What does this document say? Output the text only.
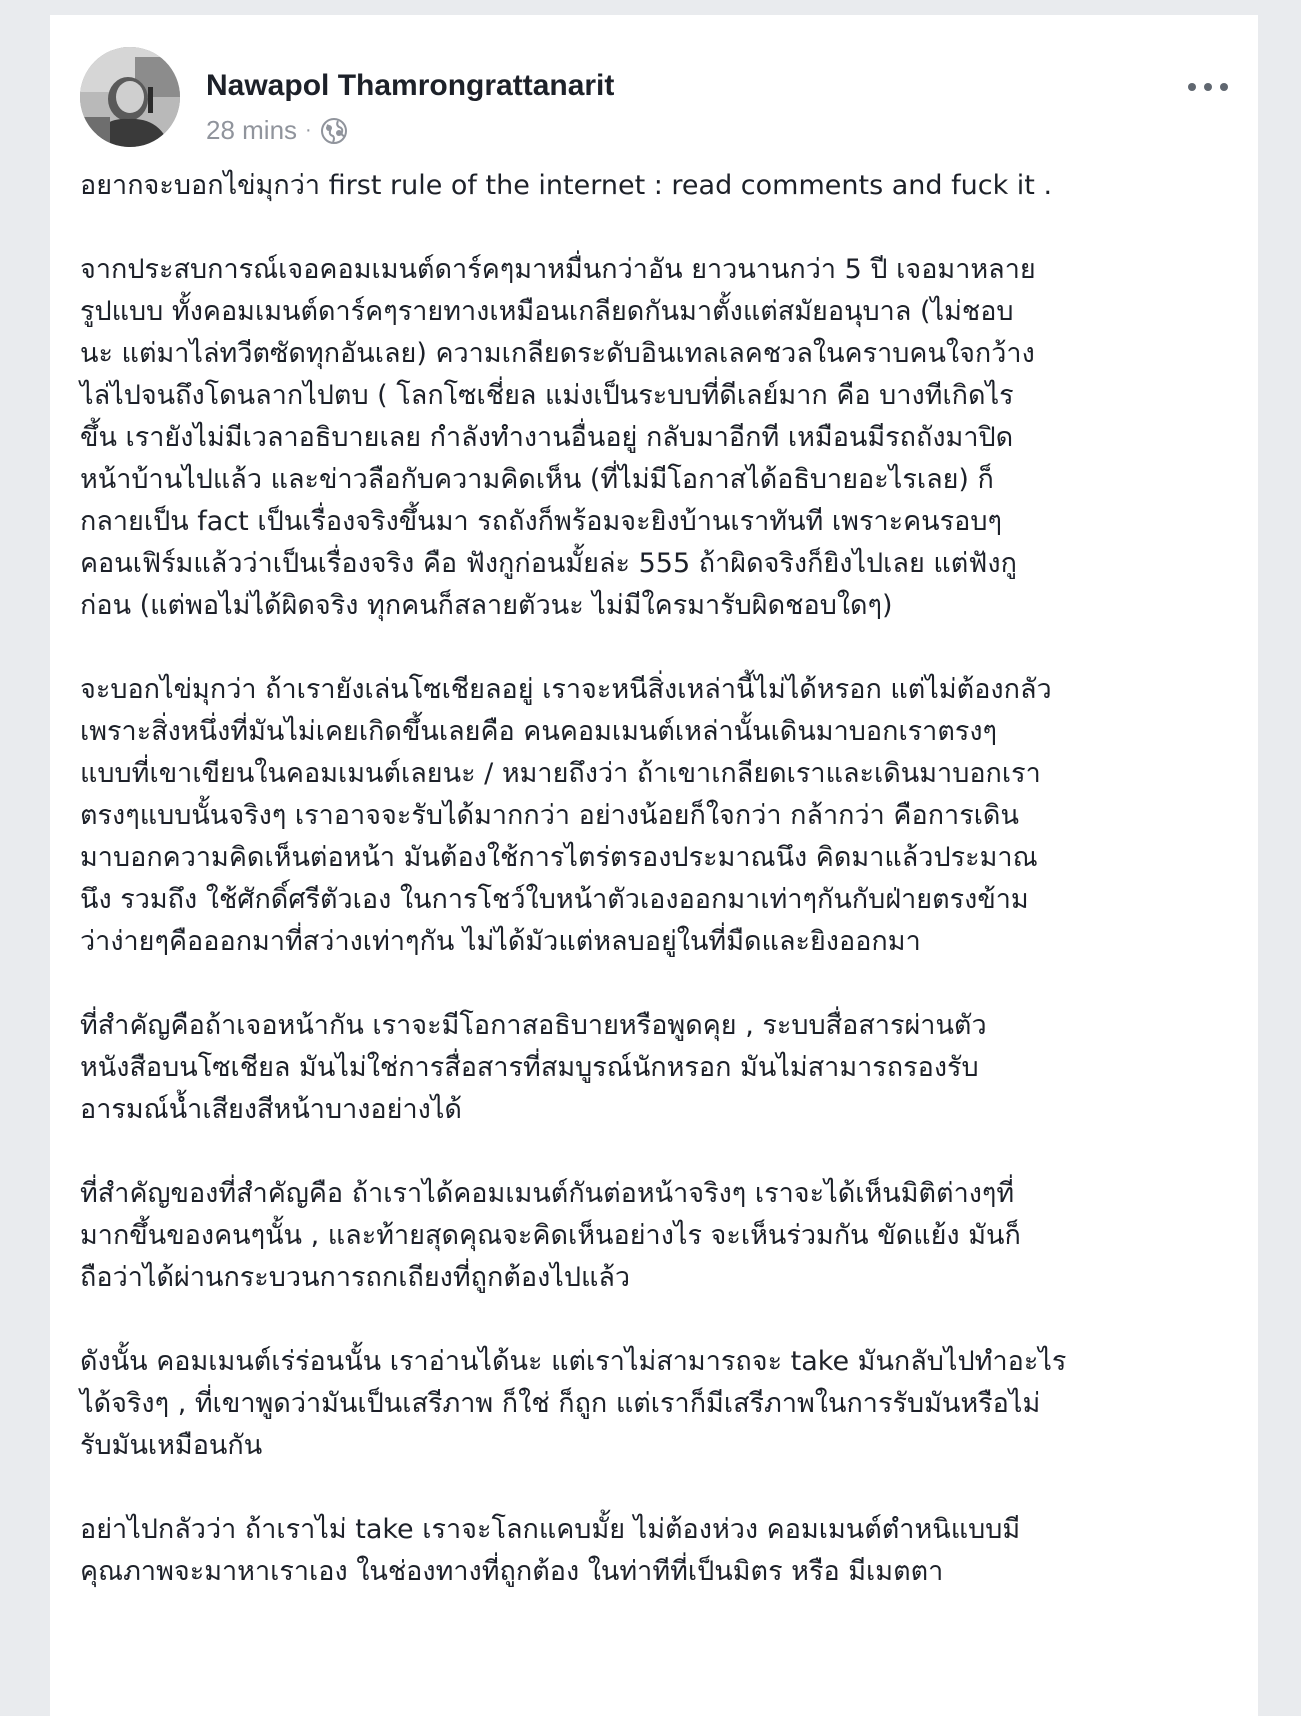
Nawapol Thamrongrattanarit
28 mins ·

อยากจะบอกไข่มุกว่า first rule of the internet : read comments and fuck it .

จากประสบการณ์เจอคอมเมนต์ดาร์คๆมาหมื่นกว่าอัน ยาวนานกว่า 5 ปี เจอมาหลาย
รูปแบบ ทั้งคอมเมนต์ดาร์คๆรายทางเหมือนเกลียดกันมาตั้งแต่สมัยอนุบาล (ไม่ชอบ
นะ แต่มาไล่ทวีตซัดทุกอันเลย) ความเกลียดระดับอินเทลเลคชวลในคราบคนใจกว้าง
ไล่ไปจนถึงโดนลากไปตบ ( โลกโซเชี่ยล แม่งเป็นระบบที่ดีเลย์มาก คือ บางทีเกิดไร
ขึ้น เรายังไม่มีเวลาอธิบายเลย กำลังทำงานอื่นอยู่ กลับมาอีกที เหมือนมีรถถังมาปิด
หน้าบ้านไปแล้ว และข่าวลือกับความคิดเห็น (ที่ไม่มีโอกาสได้อธิบายอะไรเลย) ก็
กลายเป็น fact เป็นเรื่องจริงขึ้นมา รถถังก็พร้อมจะยิงบ้านเราทันที เพราะคนรอบๆ
คอนเฟิร์มแล้วว่าเป็นเรื่องจริง คือ ฟังกูก่อนมั้ยล่ะ 555 ถ้าผิดจริงก็ยิงไปเลย แต่ฟังกู
ก่อน (แต่พอไม่ได้ผิดจริง ทุกคนก็สลายตัวนะ ไม่มีใครมารับผิดชอบใดๆ)

จะบอกไข่มุกว่า ถ้าเรายังเล่นโซเชียลอยู่ เราจะหนีสิ่งเหล่านี้ไม่ได้หรอก แต่ไม่ต้องกลัว
เพราะสิ่งหนึ่งที่มันไม่เคยเกิดขึ้นเลยคือ คนคอมเมนต์เหล่านั้นเดินมาบอกเราตรงๆ
แบบที่เขาเขียนในคอมเมนต์เลยนะ / หมายถึงว่า ถ้าเขาเกลียดเราและเดินมาบอกเรา
ตรงๆแบบนั้นจริงๆ เราอาจจะรับได้มากกว่า อย่างน้อยก็ใจกว่า กล้ากว่า คือการเดิน
มาบอกความคิดเห็นต่อหน้า มันต้องใช้การไตร่ตรองประมาณนึง คิดมาแล้วประมาณ
นึง รวมถึง ใช้ศักดิ์ศรีตัวเอง ในการโชว์ใบหน้าตัวเองออกมาเท่าๆกันกับฝ่ายตรงข้าม
ว่าง่ายๆคือออกมาที่สว่างเท่าๆกัน ไม่ได้มัวแต่หลบอยู่ในที่มืดและยิงออกมา

ที่สำคัญคือถ้าเจอหน้ากัน เราจะมีโอกาสอธิบายหรือพูดคุย , ระบบสื่อสารผ่านตัว
หนังสือบนโซเชียล มันไม่ใช่การสื่อสารที่สมบูรณ์นักหรอก มันไม่สามารถรองรับ
อารมณ์น้ำเสียงสีหน้าบางอย่างได้

ที่สำคัญของที่สำคัญคือ ถ้าเราได้คอมเมนต์กันต่อหน้าจริงๆ เราจะได้เห็นมิติต่างๆที่
มากขึ้นของคนๆนั้น , และท้ายสุดคุณจะคิดเห็นอย่างไร จะเห็นร่วมกัน ขัดแย้ง มันก็
ถือว่าได้ผ่านกระบวนการถกเถียงที่ถูกต้องไปแล้ว

ดังนั้น คอมเมนต์เร่ร่อนนั้น เราอ่านได้นะ แต่เราไม่สามารถจะ take มันกลับไปทำอะไร
ได้จริงๆ , ที่เขาพูดว่ามันเป็นเสรีภาพ ก็ใช่ ก็ถูก แต่เราก็มีเสรีภาพในการรับมันหรือไม่
รับมันเหมือนกัน

อย่าไปกลัวว่า ถ้าเราไม่ take เราจะโลกแคบมั้ย ไม่ต้องห่วง คอมเมนต์ตำหนิแบบมี
คุณภาพจะมาหาเราเอง ในช่องทางที่ถูกต้อง ในท่าทีที่เป็นมิตร หรือ มีเมตตา
